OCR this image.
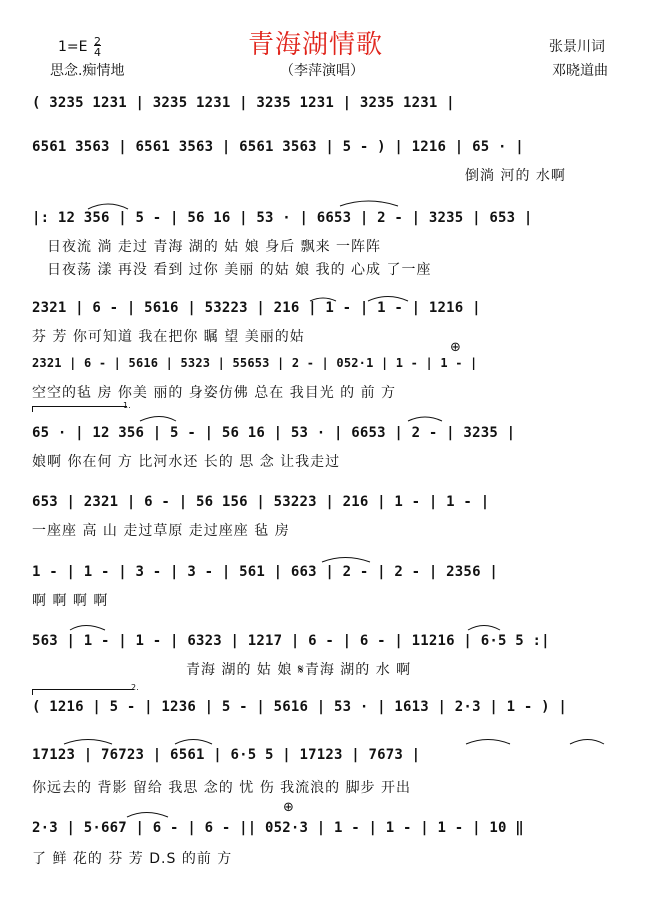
$1=E \frac{2}{4}$	青海湖情歌	张景川词
思念.痴情地	（李萍演唱）	邓晓道曲
( 3235 1231 | 3235 1231 | 3235 1231 | 3235 1231 |
6561 3563 | 6561 3563 | 6561 3563 | 5 - ) | 1216 | 65 · |
倒淌 河的 水啊
|: 12 356 | 5 - | 56 16 | 53 · | 6653 | 2 - | 3235 | 653 |
日夜流 淌 走过 青海 湖的 姑 娘 身后 飘来 一阵阵
日夜荡 漾 再没 看到 过你 美丽 的姑 娘 我的 心成 了一座
2321 | 6 - | 5616 | 53223 | 216 | 1 - | 1 - | 1216 |
芬 芳 你可知道 我在把你 瞩 望 美丽的姑
2321 | 6 - | 5616 | 5323 | 55653 | 2 - | 052·1 | 1 - | 1 - |
空空的毡 房 你美 丽的 身姿仿佛 总在 我目光 的 前 方
1.
65 · | 12 356 | 5 - | 56 16 | 53 · | 6653 | 2 - | 3235 |
娘啊 你在何 方 比河水还 长的 思 念 让我走过
653 | 2321 | 6 - | 56 156 | 53223 | 216 | 1 - | 1 - |
一座座 高 山 走过草原 走过座座 毡 房
1 - | 1 - | 3 - | 3 - | 561 | 663 | 2 - | 2 - | 2356 |
啊 啊 啊 啊
563 | 1 - | 1 - | 6323 | 1217 | 6 - | 6 - | 11216 | 6·5 5 :|
青海 湖的 姑 娘 𝄋青海 湖的 水 啊
2.
( 1216 | 5 - | 1236 | 5 - | 5616 | 53 · | 1613 | 2·3 | 1 - ) |
17123 | 76723 | 6561 | 6·5 5 | 17123 | 7673 |
你远去的 背影 留给 我思 念的 忧 伤 我流浪的 脚步 开出
2·3 | 5·667 | 6 - | 6 - || 052·3 | 1 - | 1 - | 1 - | 10 ‖
了 鲜 花的 芬 芳 D.S 的前 方
⊕
⊕
